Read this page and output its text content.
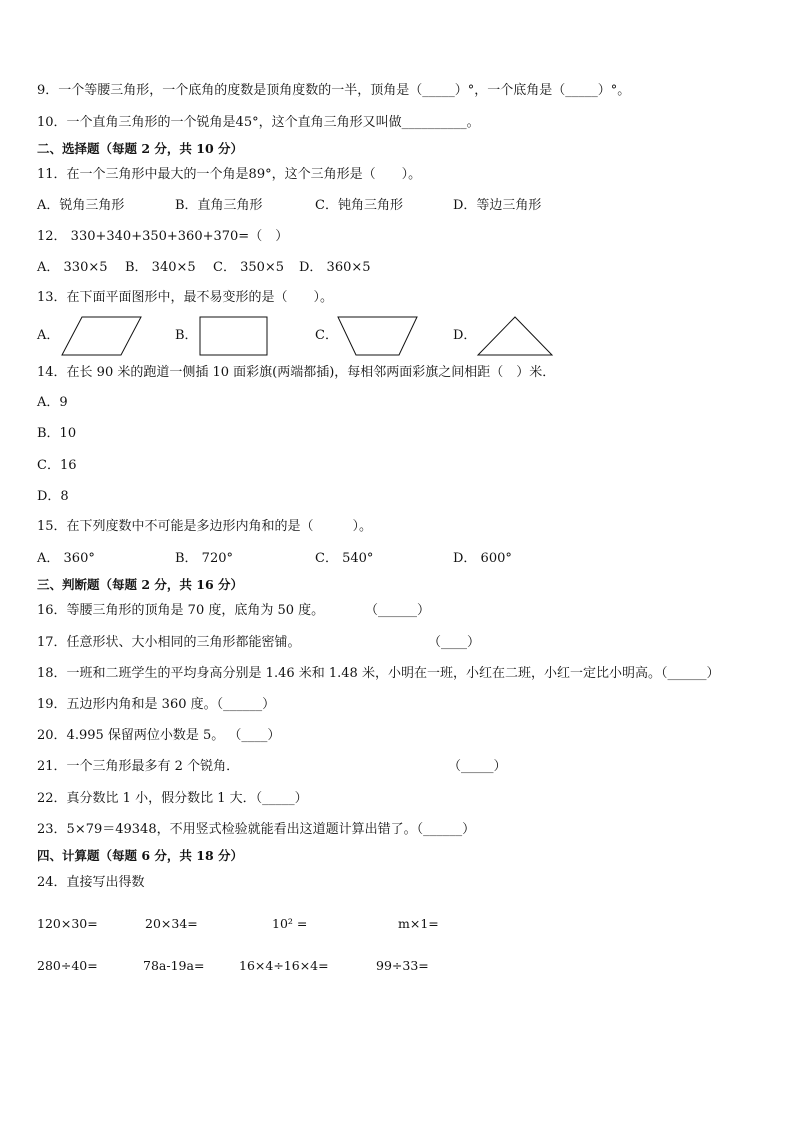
9．一个等腰三角形，一个底角的度数是顶角度数的一半，顶角是（_____）°，一个底角是（_____）°。
10．一个直角三角形的一个锐角是45°，这个直角三角形又叫做__________。
二、选择题（每题 2 分，共 10 分）
11．在一个三角形中最大的一个角是89°，这个三角形是（　　）。
A．锐角三角形	B．直角三角形	C．钝角三角形	D．等边三角形
12． 330+340+350+360+370=（　）
A． 330×5 B． 340×5 C． 350×5 D． 360×5
13．在下面平面图形中，最不易变形的是（　　）。
A．	B．	C．	D．
14．在长 90 米的跑道一侧插 10 面彩旗(两端都插)，每相邻两面彩旗之间相距（　）米．
A．9
B．10
C．16
D．8
15．在下列度数中不可能是多边形内角和的是（　　　）。
A． 360°	B． 720°	C． 540°	D． 600°
三、判断题（每题 2 分，共 16 分）
16．等腰三角形的顶角是 70 度，底角为 50 度。	（______）
17．任意形状、大小相同的三角形都能密铺。	（____）
18．一班和二班学生的平均身高分别是 1.46 米和 1.48 米，小明在一班，小红在二班，小红一定比小明高。（______）
19．五边形内角和是 360 度。（______）
20．4.995 保留两位小数是 5。 （____）
21．一个三角形最多有 2 个锐角．	（_____）
22．真分数比 1 小，假分数比 1 大．（_____）
23．5×79＝49348，不用竖式检验就能看出这道题计算出错了。（______）
四、计算题（每题 6 分，共 18 分）
24．直接写出得数
120×30=	20×34=	10² =	m×1=
280÷40=	78a-19a=	16×4÷16×4=	99÷33=
